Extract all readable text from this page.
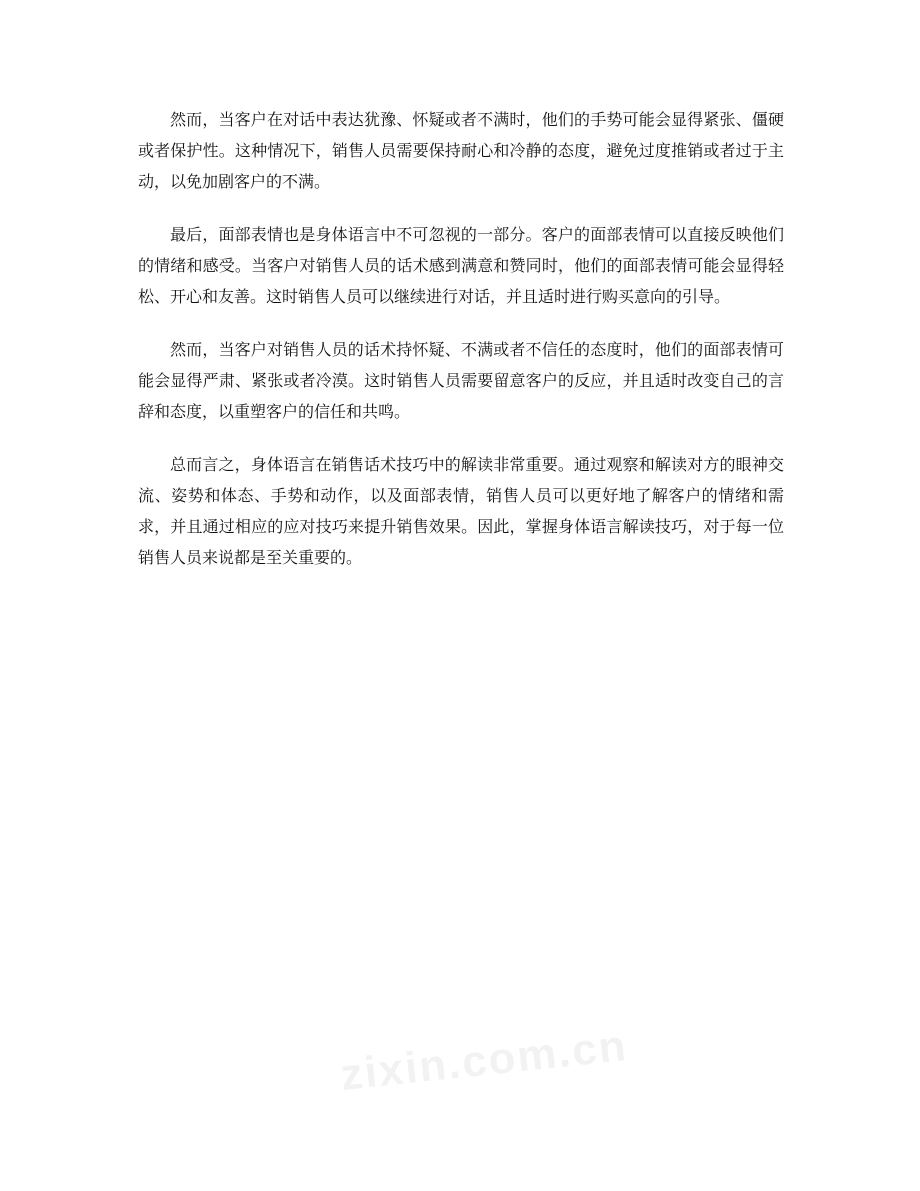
然而，当客户在对话中表达犹豫、怀疑或者不满时，他们的手势可能会显得紧张、僵硬或者保护性。这种情况下，销售人员需要保持耐心和冷静的态度，避免过度推销或者过于主动，以免加剧客户的不满。

最后，面部表情也是身体语言中不可忽视的一部分。客户的面部表情可以直接反映他们的情绪和感受。当客户对销售人员的话术感到满意和赞同时，他们的面部表情可能会显得轻松、开心和友善。这时销售人员可以继续进行对话，并且适时进行购买意向的引导。

然而，当客户对销售人员的话术持怀疑、不满或者不信任的态度时，他们的面部表情可能会显得严肃、紧张或者冷漠。这时销售人员需要留意客户的反应，并且适时改变自己的言辞和态度，以重塑客户的信任和共鸣。

总而言之，身体语言在销售话术技巧中的解读非常重要。通过观察和解读对方的眼神交流、姿势和体态、手势和动作，以及面部表情，销售人员可以更好地了解客户的情绪和需求，并且通过相应的应对技巧来提升销售效果。因此，掌握身体语言解读技巧，对于每一位销售人员来说都是至关重要的。

zixin.com.cn
